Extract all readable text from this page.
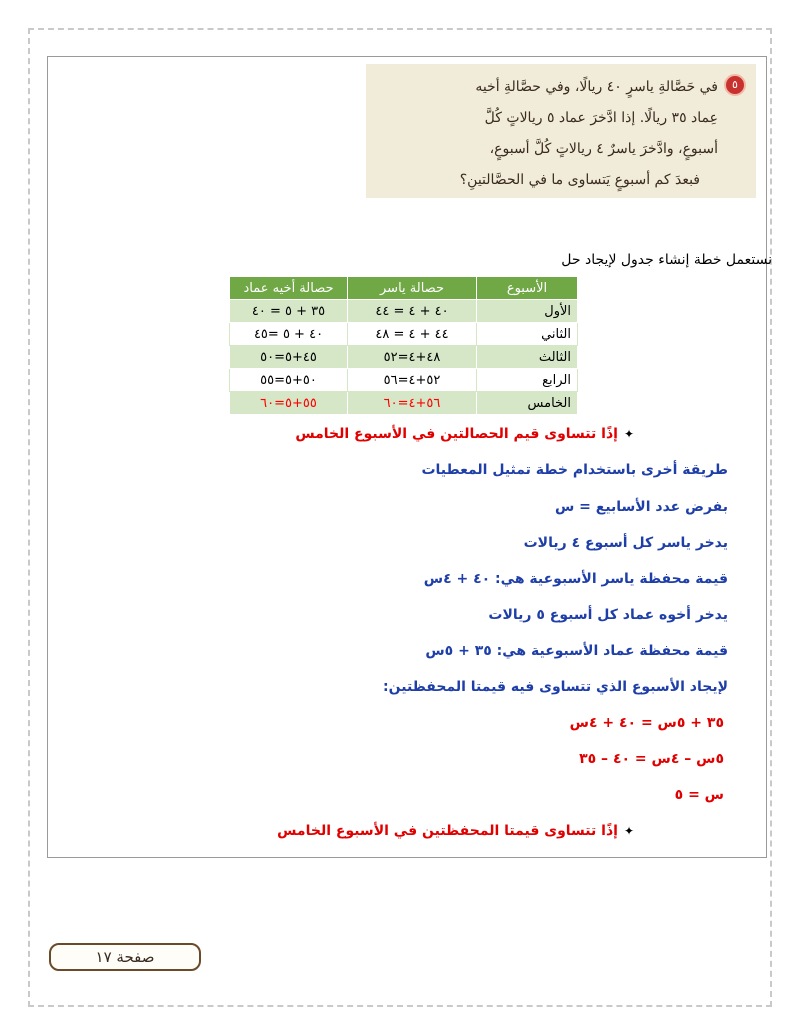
٥
في حَصَّالةِ ياسرٍ ٤٠ ريالًا، وفي حصَّالةِ أخيه
عِماد ٣٥ ريالًا. إذا ادَّخرَ عماد ٥ ريالاتٍ كُلَّ
أسبوعٍ، وادَّخرَ ياسرٌ ٤ ريالاتٍ كُلَّ أسبوعٍ،
فبعدَ كم أسبوعٍ يَتساوى ما في الحصَّالتينِ؟
نستعمل خطة إنشاء جدول لإيجاد حل
الأسبوع	حصالة ياسر	حصالة أخيه عماد
الأول	٤٠ + ٤ = ٤٤	٣٥ + ٥ = ٤٠
الثاني	٤٤ + ٤ = ٤٨	٤٠ + ٥ =٤٥
الثالث	٤٨+٤=٥٢	٤٥+٥=٥٠
الرابع	٥٢+٤=٥٦	٥٠+٥=٥٥
الخامس	٥٦+٤=٦٠	٥٥+٥=٦٠
✦إذًا تتساوى قيم الحصالتين في الأسبوع الخامس
طريقة أخرى باستخدام خطة تمثيل المعطيات
بفرض عدد الأسابيع = س
يدخر ياسر كل أسبوع ٤ ريالات
قيمة محفظة ياسر الأسبوعية هي: ٤٠ + ٤س
يدخر أخوه عماد كل أسبوع ٥ ريالات
قيمة محفظة عماد الأسبوعية هي: ٣٥ + ٥س
لإيجاد الأسبوع الذي تتساوى فيه قيمتا المحفظتين:
٣٥ + ٥س = ٤٠ + ٤س
٥س – ٤س = ٤٠ – ٣٥
س = ٥
✦إذًا تتساوى قيمتا المحفظتين في الأسبوع الخامس
صفحة ١٧
